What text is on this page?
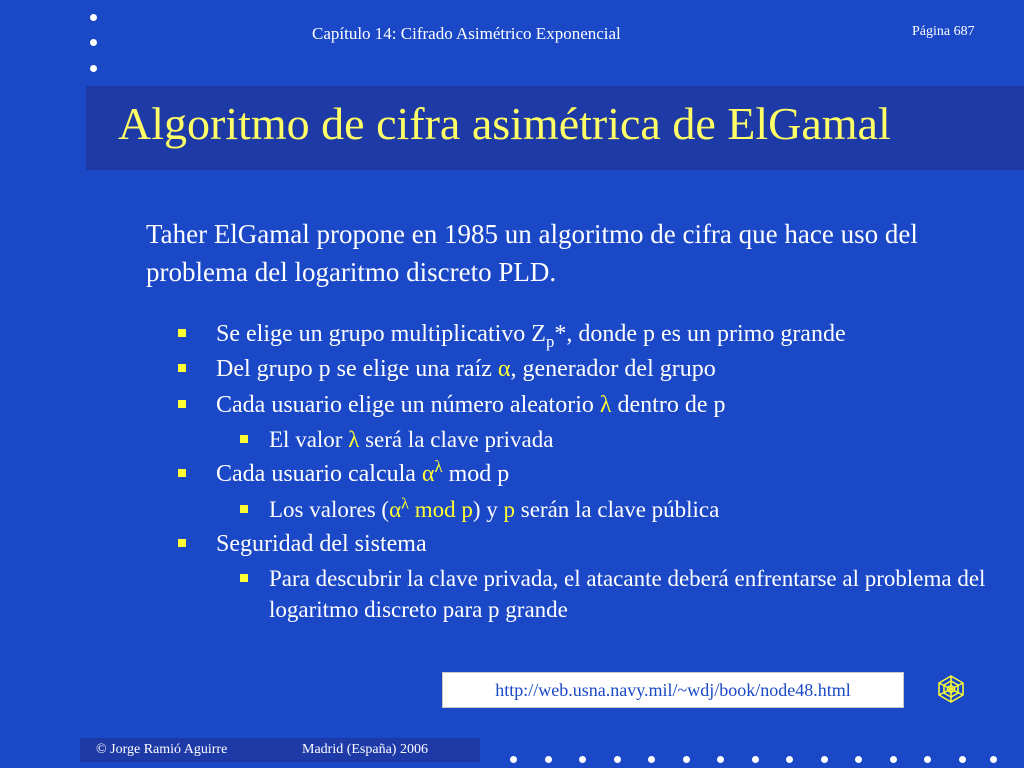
Capítulo 14: Cifrado Asimétrico Exponencial	Página 687
Algoritmo de cifra asimétrica de ElGamal
Taher ElGamal propone en 1985 un algoritmo de cifra que hace uso del problema del logaritmo discreto PLD.
Se elige un grupo multiplicativo $Z_p*$, donde p es un primo grande
Del grupo p se elige una raíz α, generador del grupo
Cada usuario elige un número aleatorio λ dentro de p
El valor λ será la clave privada
Cada usuario calcula $\alpha^\lambda$ mod p
Los valores ($\alpha^\lambda$ mod p) y p serán la clave pública
Seguridad del sistema
Para descubrir la clave privada, el atacante deberá enfrentarse al problema del logaritmo discreto para p grande
http://web.usna.navy.mil/~wdj/book/node48.html
© Jorge Ramió Aguirre	Madrid (España) 2006
